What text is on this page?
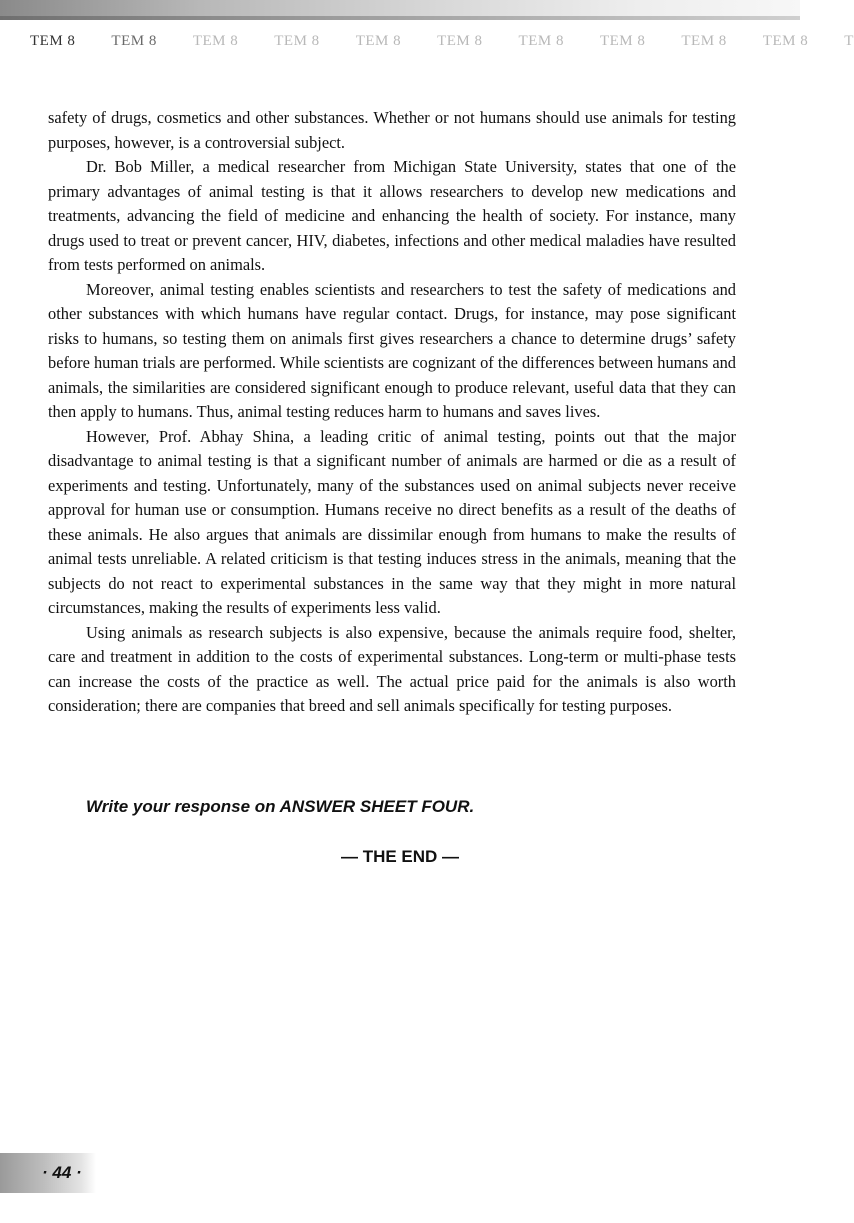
TEM 8 TEM 8 TEM 8 TEM 8 TEM 8 TEM 8 TEM 8 TEM 8 TEM 8 TEM 8 T

safety of drugs, cosmetics and other substances. Whether or not humans should use animals for testing purposes, however, is a controversial subject.

Dr. Bob Miller, a medical researcher from Michigan State University, states that one of the primary advantages of animal testing is that it allows researchers to develop new medications and treatments, advancing the field of medicine and enhancing the health of society. For instance, many drugs used to treat or prevent cancer, HIV, diabetes, infections and other medical maladies have resulted from tests performed on animals.

Moreover, animal testing enables scientists and researchers to test the safety of medications and other substances with which humans have regular contact. Drugs, for instance, may pose significant risks to humans, so testing them on animals first gives researchers a chance to determine drugs’ safety before human trials are performed. While scientists are cognizant of the differences between humans and animals, the similarities are considered significant enough to produce relevant, useful data that they can then apply to humans. Thus, animal testing reduces harm to humans and saves lives.

However, Prof. Abhay Shina, a leading critic of animal testing, points out that the major disadvantage to animal testing is that a significant number of animals are harmed or die as a result of experiments and testing. Unfortunately, many of the substances used on animal subjects never receive approval for human use or consumption. Humans receive no direct benefits as a result of the deaths of these animals. He also argues that animals are dissimilar enough from humans to make the results of animal tests unreliable. A related criticism is that testing induces stress in the animals, meaning that the subjects do not react to experimental substances in the same way that they might in more natural circumstances, making the results of experiments less valid.

Using animals as research subjects is also expensive, because the animals require food, shelter, care and treatment in addition to the costs of experimental substances. Long-term or multi-phase tests can increase the costs of the practice as well. The actual price paid for the animals is also worth consideration; there are companies that breed and sell animals specifically for testing purposes.

Write your response on ANSWER SHEET FOUR.
— THE END —
· 44 ·
